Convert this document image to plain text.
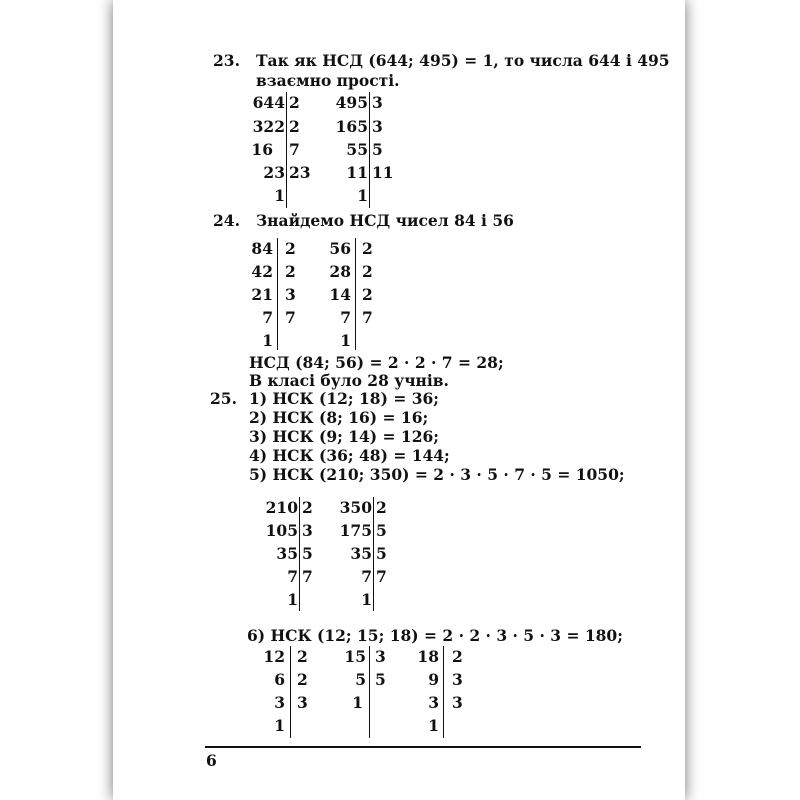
23. Так як НСД (644; 495) = 1, то числа 644 і 495
взаємно прості.
644
322
16
23
1
2
2
7
23
495
165
55
11
1
3
3
5
11
24. Знайдемо НСД чисел 84 і 56
84
42
21
7
1
2
2
3
7
56
28
14
7
1
2
2
2
7
НСД (84; 56) = 2 · 2 · 7 = 28;
В класі було 28 учнів.
25. 1) НСК (12; 18) = 36;
2) НСК (8; 16) = 16;
3) НСК (9; 14) = 126;
4) НСК (36; 48) = 144;
5) НСК (210; 350) = 2 · 3 · 5 · 7 · 5 = 1050;
210
105
35
7
1
2
3
5
7
350
175
35
7
1
2
5
5
7
6) НСК (12; 15; 18) = 2 · 2 · 3 · 5 · 3 = 180;
12
6
3
1
2
2
3
15
5
1
3
5
18
9
3
1
2
3
3
6
